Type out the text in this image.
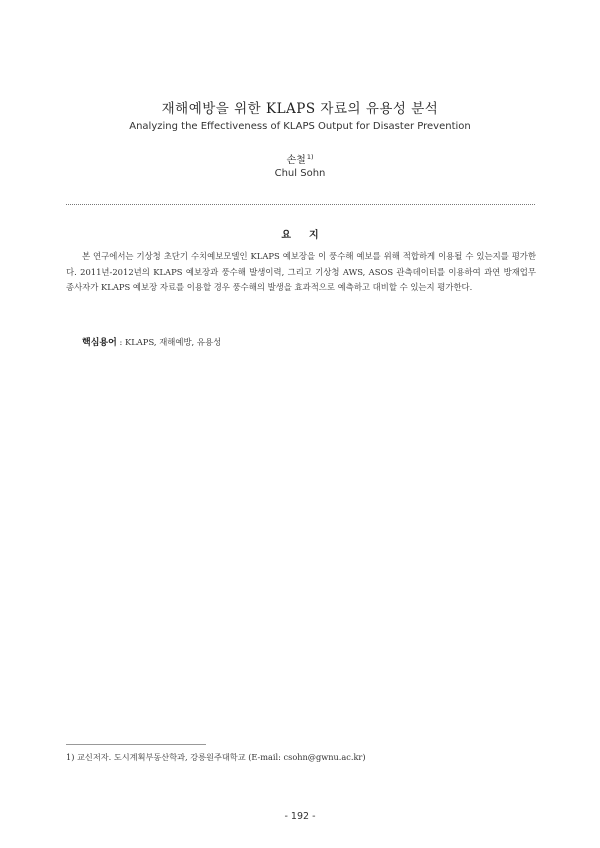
재해예방을 위한 KLAPS 자료의 유용성 분석
Analyzing the Effectiveness of KLAPS Output for Disaster Prevention
손철$^{1)}$
Chul Sohn
요 지

본 연구에서는 기상청 초단기 수치예보모델인 KLAPS 예보장을 이 풍수해 예보를 위해 적합하게 이용될 수 있는지를 평가한다. 2011년-2012년의 KLAPS 예보장과 풍수해 발생이력, 그리고 기상청 AWS, ASOS 관측데이터를 이용하여 과연 방재업무 종사자가 KLAPS 예보장 자료를 이용할 경우 풍수해의 발생을 효과적으로 예측하고 대비할 수 있는지 평가한다.

핵심용어 : KLAPS, 재해예방, 유용성
1) 교신저자. 도시계획부동산학과, 강릉원주대학교 (E-mail: csohn@gwnu.ac.kr)
- 192 -
